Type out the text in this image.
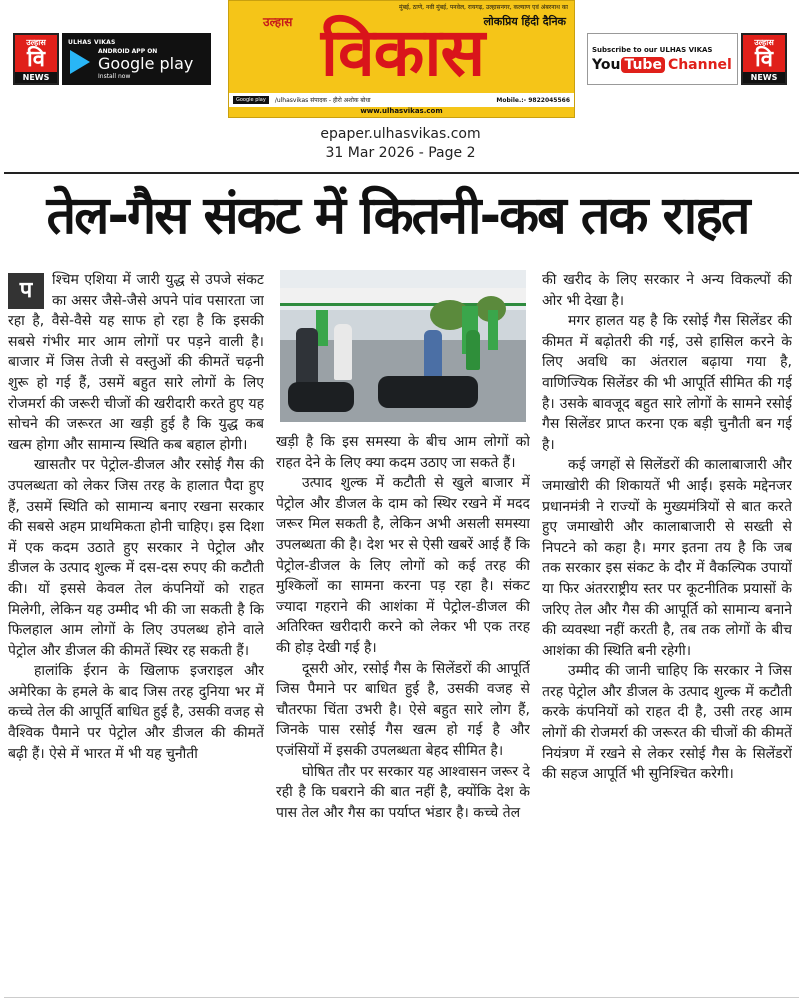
उल्हास
वि
NEWS
ULHAS VIKAS
ANDROID APP ON
Google play
Install now
मुंबई, ठाणे, नवी मुंबई, पनवेल, रायगढ़, उल्हासनगर, कल्याण एवं अंबरनाथ का
लोकप्रिय हिंदी दैनिक
उल्हास विकास
Google play	/ulhasvikas संपादक - हीरो अशोक बोधा	Mobile.:- 9822045566
www.ulhasvikas.com
Subscribe to our ULHAS VIKAS
You Tube Channel
उल्हास
वि
NEWS
epaper.ulhasvikas.com
31 Mar 2026 - Page 2
तेल-गैस संकट में कितनी-कब तक राहत

प	श्चिम एशिया में जारी युद्ध से उपजे संकट का असर जैसे-जैसे अपने पांव पसारता जा रहा है, वैसे-वैसे यह साफ हो रहा है कि इसकी सबसे गंभीर मार आम लोगों पर पड़ने वाली है। बाजार में जिस तेजी से वस्तुओं की कीमतें चढ़नी शुरू हो गई हैं, उसमें बहुत सारे लोगों के लिए रोजमर्रा की जरूरी चीजों की खरीदारी करते हुए यह सोचने की जरूरत आ खड़ी हुई है कि युद्ध कब खत्म होगा और सामान्य स्थिति कब बहाल होगी।

खासतौर पर पेट्रोल-डीजल और रसोई गैस की उपलब्धता को लेकर जिस तरह के हालात पैदा हुए हैं, उसमें स्थिति को सामान्य बनाए रखना सरकार की सबसे अहम प्राथमिकता होनी चाहिए। इस दिशा में एक कदम उठाते हुए सरकार ने पेट्रोल और डीजल के उत्पाद शुल्क में दस-दस रुपए की कटौती की। यों इससे केवल तेल कंपनियों को राहत मिलेगी, लेकिन यह उम्मीद भी की जा सकती है कि फिलहाल आम लोगों के लिए उपलब्ध होने वाले पेट्रोल और डीजल की कीमतें स्थिर रह सकती हैं।

हालांकि ईरान के खिलाफ इजराइल और अमेरिका के हमले के बाद जिस तरह दुनिया भर में कच्चे तेल की आपूर्ति बाधित हुई है, उसकी वजह से वैश्विक पैमाने पर पेट्रोल और डीजल की कीमतें बढ़ी हैं। ऐसे में भारत में भी यह चुनौती

खड़ी है कि इस समस्या के बीच आम लोगों को राहत देने के लिए क्या कदम उठाए जा सकते हैं।

उत्पाद शुल्क में कटौती से खुले बाजार में पेट्रोल और डीजल के दाम को स्थिर रखने में मदद जरूर मिल सकती है, लेकिन अभी असली समस्या उपलब्धता की है। देश भर से ऐसी खबरें आई हैं कि पेट्रोल-डीजल के लिए लोगों को कई तरह की मुश्किलों का सामना करना पड़ रहा है। संकट ज्यादा गहराने की आशंका में पेट्रोल-डीजल की अतिरिक्त खरीदारी करने को लेकर भी एक तरह की होड़ देखी गई है।

दूसरी ओर, रसोई गैस के सिलेंडरों की आपूर्ति जिस पैमाने पर बाधित हुई है, उसकी वजह से चौतरफा चिंता उभरी है। ऐसे बहुत सारे लोग हैं, जिनके पास रसोई गैस खत्म हो गई है और एजंसियों में इसकी उपलब्धता बेहद सीमित है।

घोषित तौर पर सरकार यह आश्वासन जरूर दे रही है कि घबराने की बात नहीं है, क्योंकि देश के पास तेल और गैस का पर्याप्त भंडार है। कच्चे तेल

की खरीद के लिए सरकार ने अन्य विकल्पों की ओर भी देखा है।

मगर हालत यह है कि रसोई गैस सिलेंडर की कीमत में बढ़ोतरी की गई, उसे हासिल करने के लिए अवधि का अंतराल बढ़ाया गया है, वाणिज्यिक सिलेंडर की भी आपूर्ति सीमित की गई है। उसके बावजूद बहुत सारे लोगों के सामने रसोई गैस सिलेंडर प्राप्त करना एक बड़ी चुनौती बन गई है।

कई जगहों से सिलेंडरों की कालाबाजारी और जमाखोरी की शिकायतें भी आईं। इसके मद्देनजर प्रधानमंत्री ने राज्यों के मुख्यमंत्रियों से बात करते हुए जमाखोरी और कालाबाजारी से सख्ती से निपटने को कहा है। मगर इतना तय है कि जब तक सरकार इस संकट के दौर में वैकल्पिक उपायों या फिर अंतरराष्ट्रीय स्तर पर कूटनीतिक प्रयासों के जरिए तेल और गैस की आपूर्ति को सामान्य बनाने की व्यवस्था नहीं करती है, तब तक लोगों के बीच आशंका की स्थिति बनी रहेगी।

उम्मीद की जानी चाहिए कि सरकार ने जिस तरह पेट्रोल और डीजल के उत्पाद शुल्क में कटौती करके कंपनियों को राहत दी है, उसी तरह आम लोगों की रोजमर्रा की जरूरत की चीजों की कीमतें नियंत्रण में रखने से लेकर रसोई गैस के सिलेंडरों की सहज आपूर्ति भी सुनिश्चित करेगी।
